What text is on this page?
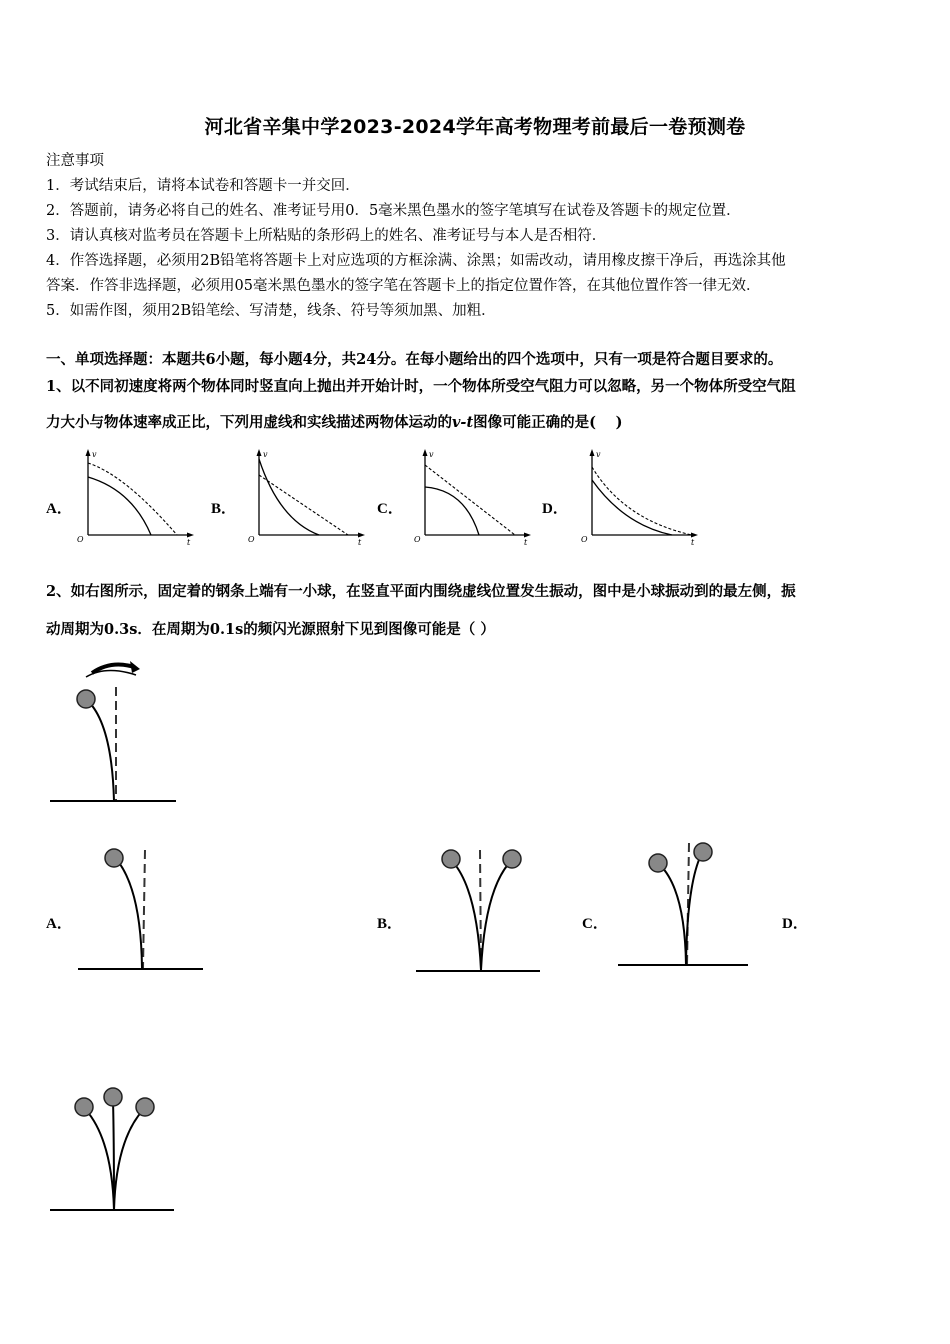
河北省辛集中学2023-2024学年高考物理考前最后一卷预测卷
注意事项
1．考试结束后，请将本试卷和答题卡一并交回．
2．答题前，请务必将自己的姓名、准考证号用0．5毫米黑色墨水的签字笔填写在试卷及答题卡的规定位置．
3．请认真核对监考员在答题卡上所粘贴的条形码上的姓名、准考证号与本人是否相符．
4．作答选择题，必须用2B铅笔将答题卡上对应选项的方框涂满、涂黑；如需改动，请用橡皮擦干净后，再选涂其他
答案．作答非选择题，必须用05毫米黑色墨水的签字笔在答题卡上的指定位置作答，在其他位置作答一律无效．
5．如需作图，须用2B铅笔绘、写清楚，线条、符号等须加黑、加粗．
一、单项选择题：本题共6小题，每小题4分，共24分。在每小题给出的四个选项中，只有一项是符合题目要求的。
1、以不同初速度将两个物体同时竖直向上抛出并开始计时，一个物体所受空气阻力可以忽略，另一个物体所受空气阻
力大小与物体速率成正比，下列用虚线和实线描述两物体运动的v-t图像可能正确的是(　 )
A．	B．	C．	D．
v
O	t
v
O	t
v
O	t
v
O	t
2、如右图所示，固定着的钢条上端有一小球，在竖直平面内围绕虚线位置发生振动，图中是小球振动到的最左侧，振
动周期为0.3s．在周期为0.1s的频闪光源照射下见到图像可能是（ ）
A．	B．	C．	D．
